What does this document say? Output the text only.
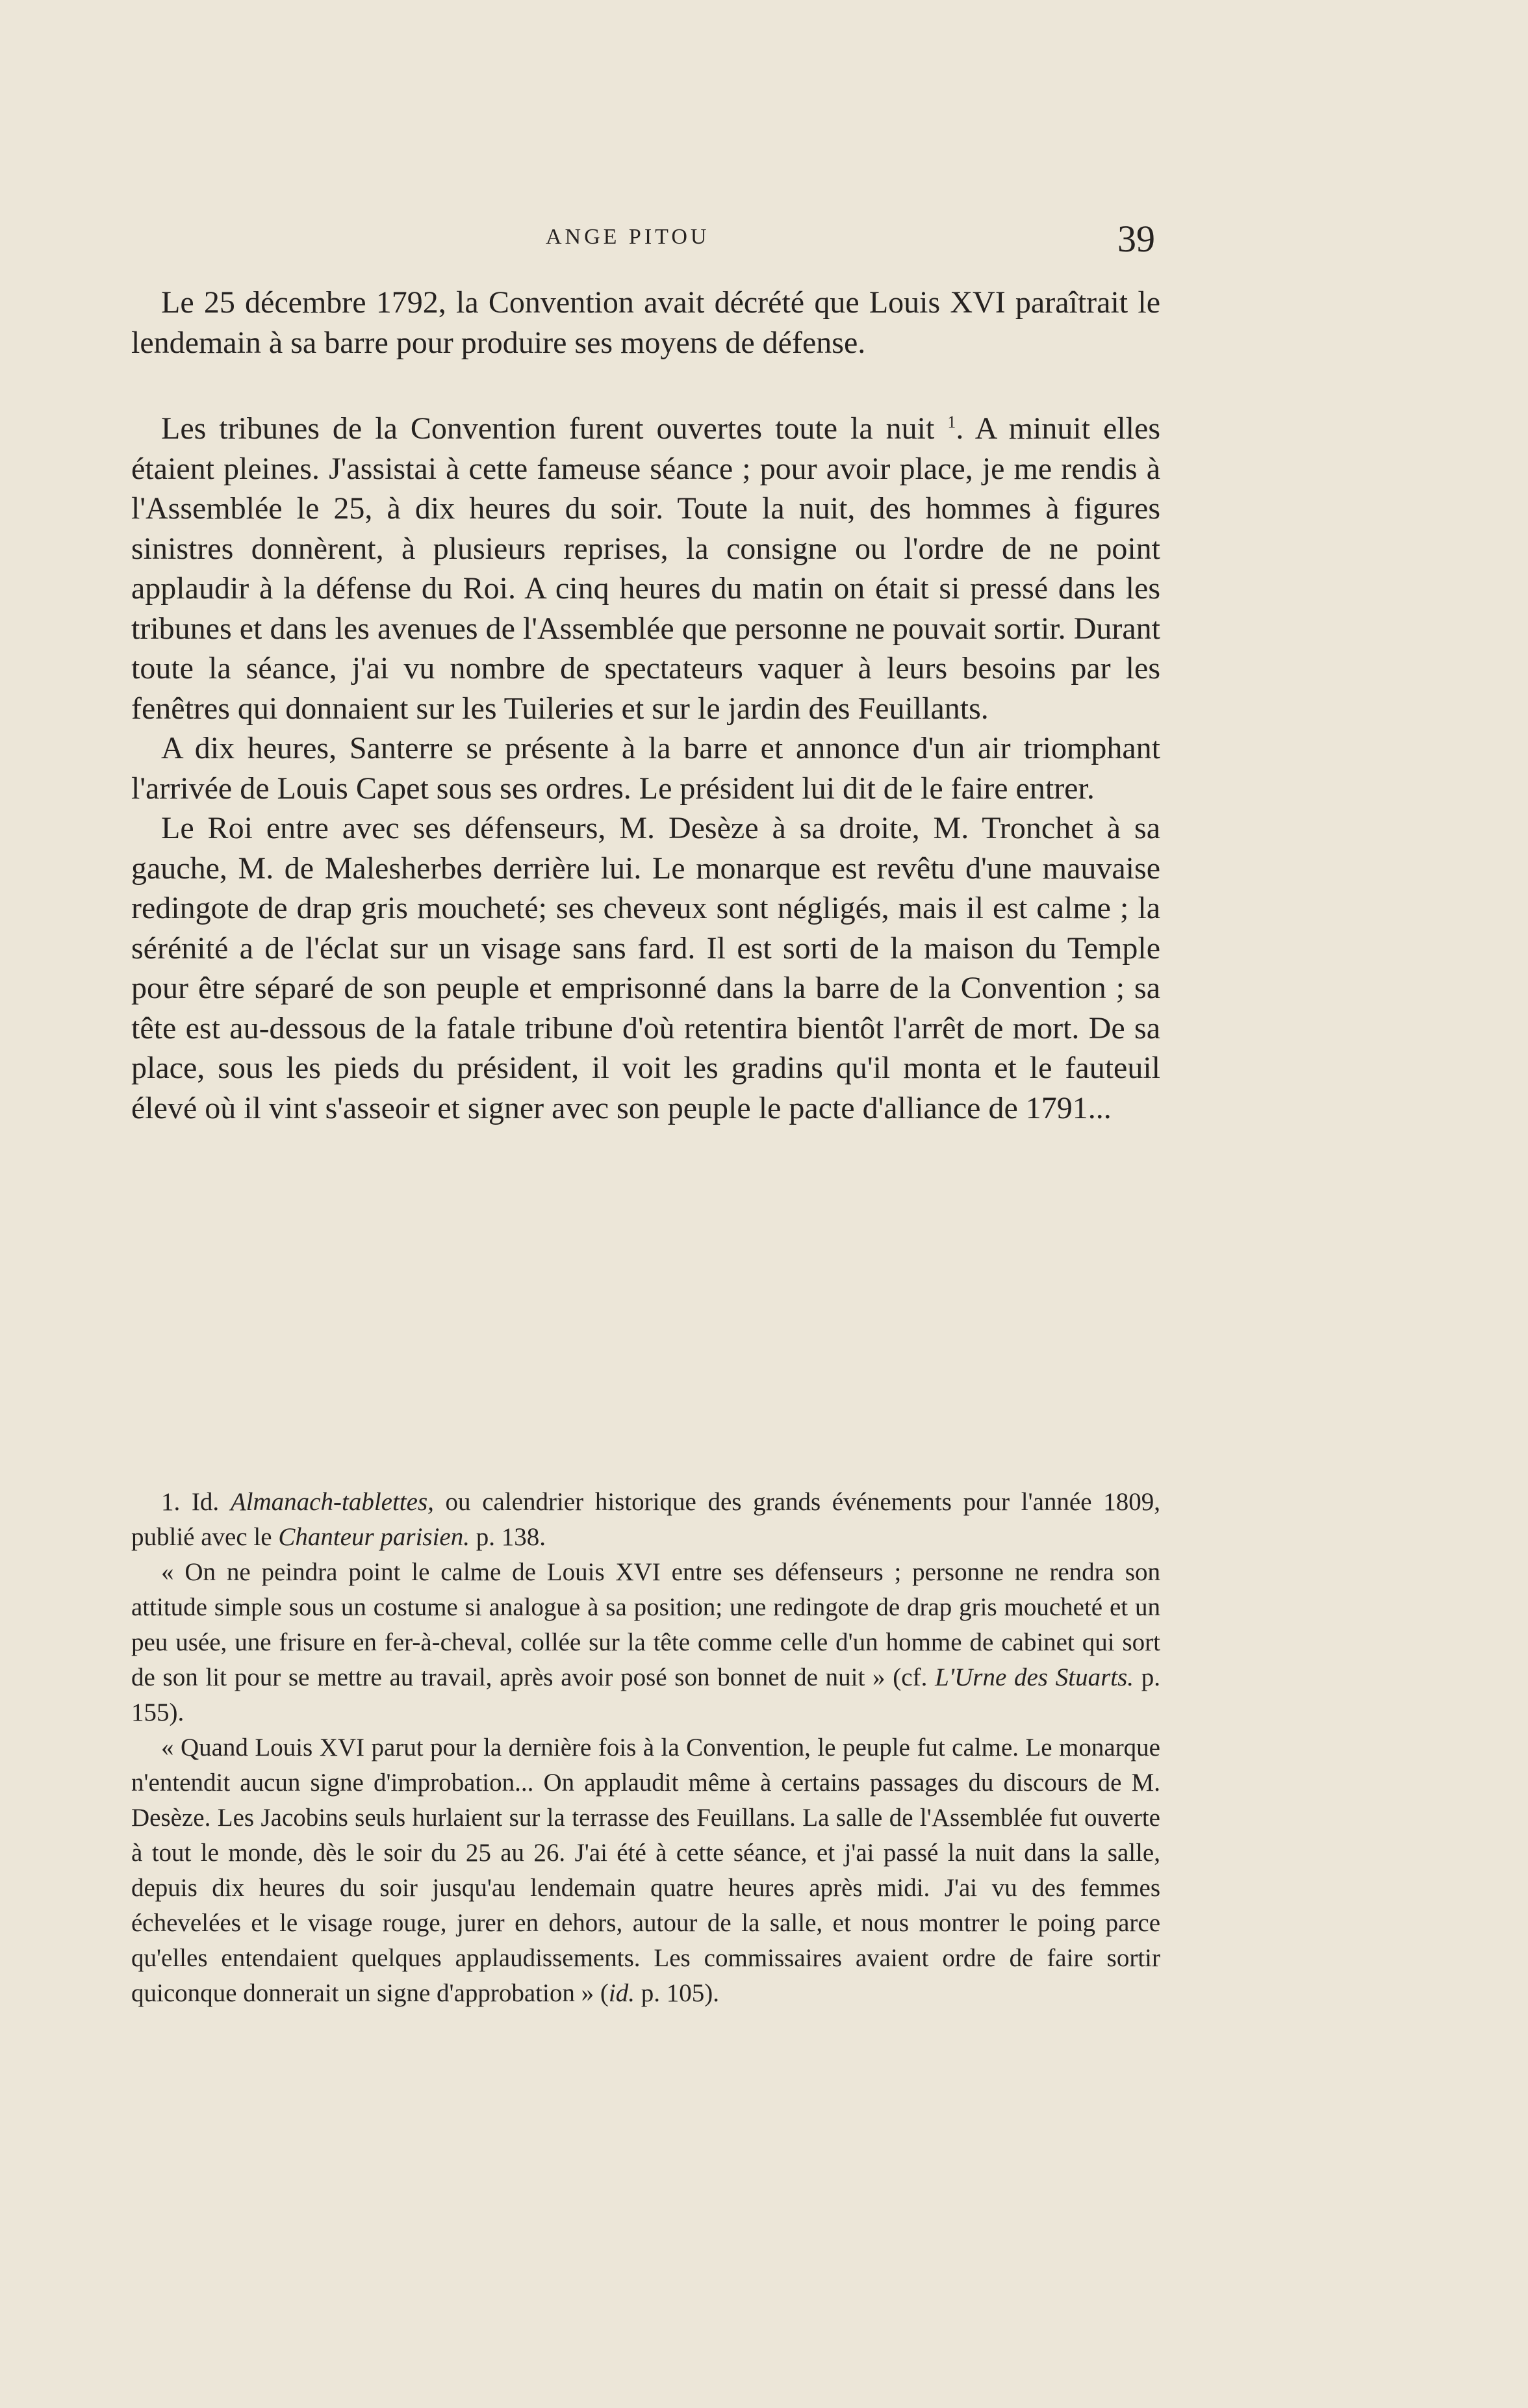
ANGE PITOU	39

Le 25 décembre 1792, la Convention avait décrété que Louis XVI paraîtrait le lendemain à sa barre pour produire ses moyens de défense.

Les tribunes de la Convention furent ouvertes toute la nuit $^1$. A minuit elles étaient pleines. J'assistai à cette fameuse séance ; pour avoir place, je me rendis à l'Assemblée le 25, à dix heures du soir. Toute la nuit, des hommes à figures sinistres donnèrent, à plusieurs reprises, la consigne ou l'ordre de ne point applaudir à la défense du Roi. A cinq heures du matin on était si pressé dans les tribunes et dans les avenues de l'Assemblée que personne ne pouvait sortir. Durant toute la séance, j'ai vu nombre de spectateurs vaquer à leurs besoins par les fenêtres qui donnaient sur les Tuileries et sur le jardin des Feuillants.

A dix heures, Santerre se présente à la barre et annonce d'un air triomphant l'arrivée de Louis Capet sous ses ordres. Le président lui dit de le faire entrer.

Le Roi entre avec ses défenseurs, M. Desèze à sa droite, M. Tronchet à sa gauche, M. de Malesherbes derrière lui. Le monarque est revêtu d'une mauvaise redingote de drap gris moucheté; ses cheveux sont négligés, mais il est calme ; la sérénité a de l'éclat sur un visage sans fard. Il est sorti de la maison du Temple pour être séparé de son peuple et emprisonné dans la barre de la Convention ; sa tête est au-dessous de la fatale tribune d'où retentira bientôt l'arrêt de mort. De sa place, sous les pieds du président, il voit les gradins qu'il monta et le fauteuil élevé où il vint s'asseoir et signer avec son peuple le pacte d'alliance de 1791...

1. Id. Almanach-tablettes, ou calendrier historique des grands événements pour l'année 1809, publié avec le Chanteur parisien. p. 138.

« On ne peindra point le calme de Louis XVI entre ses défenseurs ; personne ne rendra son attitude simple sous un costume si analogue à sa position; une redingote de drap gris moucheté et un peu usée, une frisure en fer-à-cheval, collée sur la tête comme celle d'un homme de cabinet qui sort de son lit pour se mettre au travail, après avoir posé son bonnet de nuit » (cf. L'Urne des Stuarts. p. 155).

« Quand Louis XVI parut pour la dernière fois à la Convention, le peuple fut calme. Le monarque n'entendit aucun signe d'improbation... On applaudit même à certains passages du discours de M. Desèze. Les Jacobins seuls hurlaient sur la terrasse des Feuillans. La salle de l'Assemblée fut ouverte à tout le monde, dès le soir du 25 au 26. J'ai été à cette séance, et j'ai passé la nuit dans la salle, depuis dix heures du soir jusqu'au lendemain quatre heures après midi. J'ai vu des femmes échevelées et le visage rouge, jurer en dehors, autour de la salle, et nous montrer le poing parce qu'elles entendaient quelques applaudissements. Les commissaires avaient ordre de faire sortir quiconque donnerait un signe d'approbation » (id. p. 105).
